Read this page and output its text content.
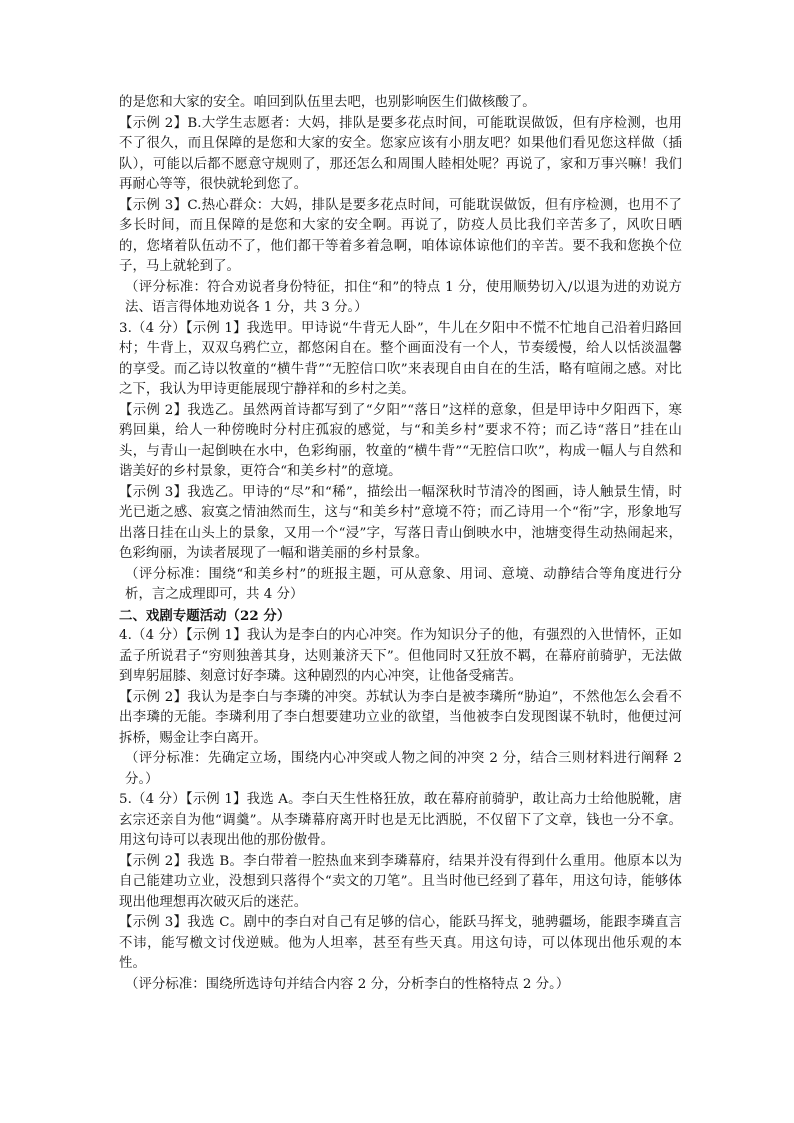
的是您和大家的安全。咱回到队伍里去吧，也别影响医生们做核酸了。

【示例 2】B.大学生志愿者：大妈，排队是要多花点时间，可能耽误做饭，但有序检测，也用不了很久，而且保障的是您和大家的安全。您家应该有小朋友吧？如果他们看见您这样做（插队），可能以后都不愿意守规则了，那还怎么和周围人睦相处呢？再说了，家和万事兴嘛！我们再耐心等等，很快就轮到您了。

【示例 3】C.热心群众：大妈，排队是要多花点时间，可能耽误做饭，但有序检测，也用不了多长时间，而且保障的是您和大家的安全啊。再说了，防疫人员比我们辛苦多了，风吹日晒的，您堵着队伍动不了，他们都干等着多着急啊，咱体谅体谅他们的辛苦。要不我和您换个位子，马上就轮到了。

（评分标准：符合劝说者身份特征，扣住“和”的特点 1 分，使用顺势切入/以退为进的劝说方法、语言得体地劝说各 1 分，共 3 分。）

3.（4 分）【示例 1】我选甲。甲诗说“牛背无人卧”，牛儿在夕阳中不慌不忙地自己沿着归路回村；牛背上，双双乌鸦伫立，都悠闲自在。整个画面没有一个人，节奏缓慢，给人以恬淡温馨的享受。而乙诗以牧童的“横牛背”“无腔信口吹”来表现自由自在的生活，略有喧闹之感。对比之下，我认为甲诗更能展现宁静祥和的乡村之美。

【示例 2】我选乙。虽然两首诗都写到了“夕阳”“落日”这样的意象，但是甲诗中夕阳西下，寒鸦回巢，给人一种傍晚时分村庄孤寂的感觉，与“和美乡村”要求不符；而乙诗“落日”挂在山头，与青山一起倒映在水中，色彩绚丽，牧童的“横牛背”“无腔信口吹”，构成一幅人与自然和谐美好的乡村景象，更符合“和美乡村”的意境。

【示例 3】我选乙。甲诗的“尽”和“稀”，描绘出一幅深秋时节清冷的图画，诗人触景生情，时光已逝之感、寂寞之情油然而生，这与“和美乡村”意境不符；而乙诗用一个“衔”字，形象地写出落日挂在山头上的景象，又用一个“浸”字，写落日青山倒映水中，池塘变得生动热闹起来，色彩绚丽，为读者展现了一幅和谐美丽的乡村景象。

（评分标准：围绕“和美乡村”的班报主题，可从意象、用词、意境、动静结合等角度进行分析，言之成理即可，共 4 分）

二、戏剧专题活动（22 分）

4.（4 分）【示例 1】我认为是李白的内心冲突。作为知识分子的他，有强烈的入世情怀，正如孟子所说君子“穷则独善其身，达则兼济天下”。但他同时又狂放不羁，在幕府前骑驴，无法做到卑躬屈膝、刻意讨好李璘。这种剧烈的内心冲突，让他备受痛苦。

【示例 2】我认为是李白与李璘的冲突。苏轼认为李白是被李璘所“胁迫”，不然他怎么会看不出李璘的无能。李璘利用了李白想要建功立业的欲望，当他被李白发现图谋不轨时，他便过河拆桥，赐金让李白离开。

（评分标准：先确定立场，围绕内心冲突或人物之间的冲突 2 分，结合三则材料进行阐释 2 分。）

5.（4 分）【示例 1】我选 A。李白天生性格狂放，敢在幕府前骑驴，敢让高力士给他脱靴，唐玄宗还亲自为他“调羹”。从李璘幕府离开时也是无比洒脱，不仅留下了文章，钱也一分不拿。用这句诗可以表现出他的那份傲骨。

【示例 2】我选 B。李白带着一腔热血来到李璘幕府，结果并没有得到什么重用。他原本以为自己能建功立业，没想到只落得个“卖文的刀笔”。且当时他已经到了暮年，用这句诗，能够体现出他理想再次破灭后的迷茫。

【示例 3】我选 C。剧中的李白对自己有足够的信心，能跃马挥戈，驰骋疆场，能跟李璘直言不讳，能写檄文讨伐逆贼。他为人坦率，甚至有些天真。用这句诗，可以体现出他乐观的本性。

（评分标准：围绕所选诗句并结合内容 2 分，分析李白的性格特点 2 分。）
